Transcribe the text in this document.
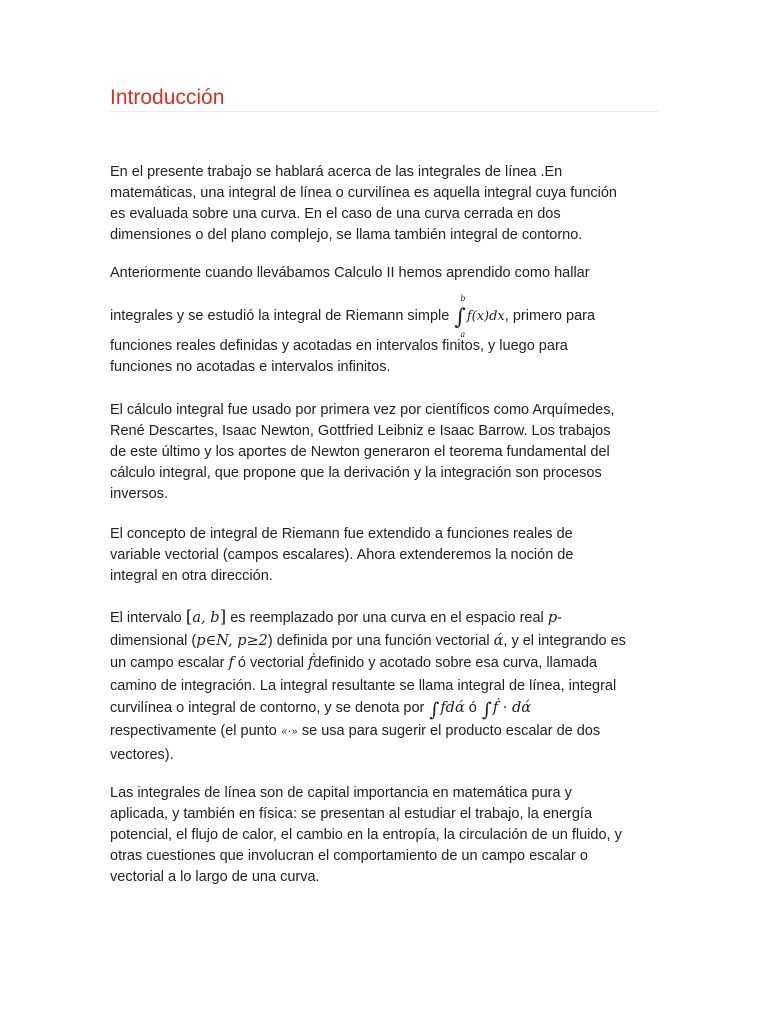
Introducción

En el presente trabajo se hablará acerca de las integrales de línea .En
matemáticas, una integral de línea o curvilínea es aquella integral cuya función
es evaluada sobre una curva. En el caso de una curva cerrada en dos
dimensiones o del plano complejo, se llama también integral de contorno.

Anteriormente cuando llevábamos Calculo II hemos aprendido como hallar
integrales y se estudió la integral de Riemann simple ∫
b
a
f(x)dx, primero para
funciones reales definidas y acotadas en intervalos finitos, y luego para
funciones no acotadas e intervalos infinitos.

El cálculo integral fue usado por primera vez por científicos como Arquímedes,
René Descartes, Isaac Newton, Gottfried Leibniz e Isaac Barrow. Los trabajos
de este último y los aportes de Newton generaron el teorema fundamental del
cálculo integral, que propone que la derivación y la integración son procesos
inversos.

El concepto de integral de Riemann fue extendido a funciones reales de
variable vectorial (campos escalares). Ahora extenderemos la noción de
integral en otra dirección.

El intervalo [a, b] es reemplazado por una curva en el espacio real p-
dimensional (p∈N, p≥2) definida por una función vectorial ά, y el integrando es
un campo escalar f ó vectorial ḟdefinido y acotado sobre esa curva, llamada
camino de integración. La integral resultante se llama integral de línea, integral
curvilínea o integral de contorno, y se denota por ∫fdά ó ∫ḟ · dά
respectivamente (el punto «·» se usa para sugerir el producto escalar de dos
vectores).

Las integrales de línea son de capital importancia en matemática pura y
aplicada, y también en física: se presentan al estudiar el trabajo, la energía
potencial, el flujo de calor, el cambio en la entropía, la circulación de un fluido, y
otras cuestiones que involucran el comportamiento de un campo escalar o
vectorial a lo largo de una curva.
